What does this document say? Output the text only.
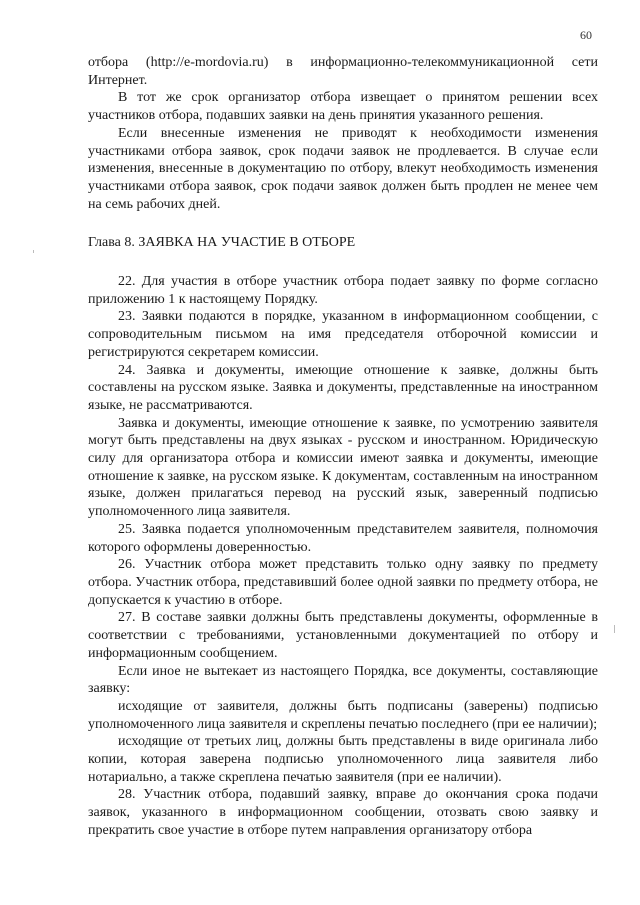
60

отбора (http://e-mordovia.ru) в информационно-телекоммуникационной сети Интернет.

В тот же срок организатор отбора извещает о принятом решении всех участников отбора, подавших заявки на день принятия указанного решения.

Если внесенные изменения не приводят к необходимости изменения участниками отбора заявок, срок подачи заявок не продлевается. В случае если изменения, внесенные в документацию по отбору, влекут необходимость изменения участниками отбора заявок, срок подачи заявок должен быть продлен не менее чем на семь рабочих дней.

Глава 8. ЗАЯВКА НА УЧАСТИЕ В ОТБОРЕ

22. Для участия в отборе участник отбора подает заявку по форме согласно приложению 1 к настоящему Порядку.

23. Заявки подаются в порядке, указанном в информационном сообщении, с сопроводительным письмом на имя председателя отборочной комиссии и регистрируются секретарем комиссии.

24. Заявка и документы, имеющие отношение к заявке, должны быть составлены на русском языке. Заявка и документы, представленные на иностранном языке, не рассматриваются.

Заявка и документы, имеющие отношение к заявке, по усмотрению заявителя могут быть представлены на двух языках - русском и иностранном. Юридическую силу для организатора отбора и комиссии имеют заявка и документы, имеющие отношение к заявке, на русском языке. К документам, составленным на иностранном языке, должен прилагаться перевод на русский язык, заверенный подписью уполномоченного лица заявителя.

25. Заявка подается уполномоченным представителем заявителя, полномочия которого оформлены доверенностью.

26. Участник отбора может представить только одну заявку по предмету отбора. Участник отбора, представивший более одной заявки по предмету отбора, не допускается к участию в отборе.

27. В составе заявки должны быть представлены документы, оформленные в соответствии с требованиями, установленными документацией по отбору и информационным сообщением.

Если иное не вытекает из настоящего Порядка, все документы, составляющие заявку:

исходящие от заявителя, должны быть подписаны (заверены) подписью уполномоченного лица заявителя и скреплены печатью последнего (при ее наличии);

исходящие от третьих лиц, должны быть представлены в виде оригинала либо копии, которая заверена подписью уполномоченного лица заявителя либо нотариально, а также скреплена печатью заявителя (при ее наличии).

28. Участник отбора, подавший заявку, вправе до окончания срока подачи заявок, указанного в информационном сообщении, отозвать свою заявку и прекратить свое участие в отборе путем направления организатору отбора
